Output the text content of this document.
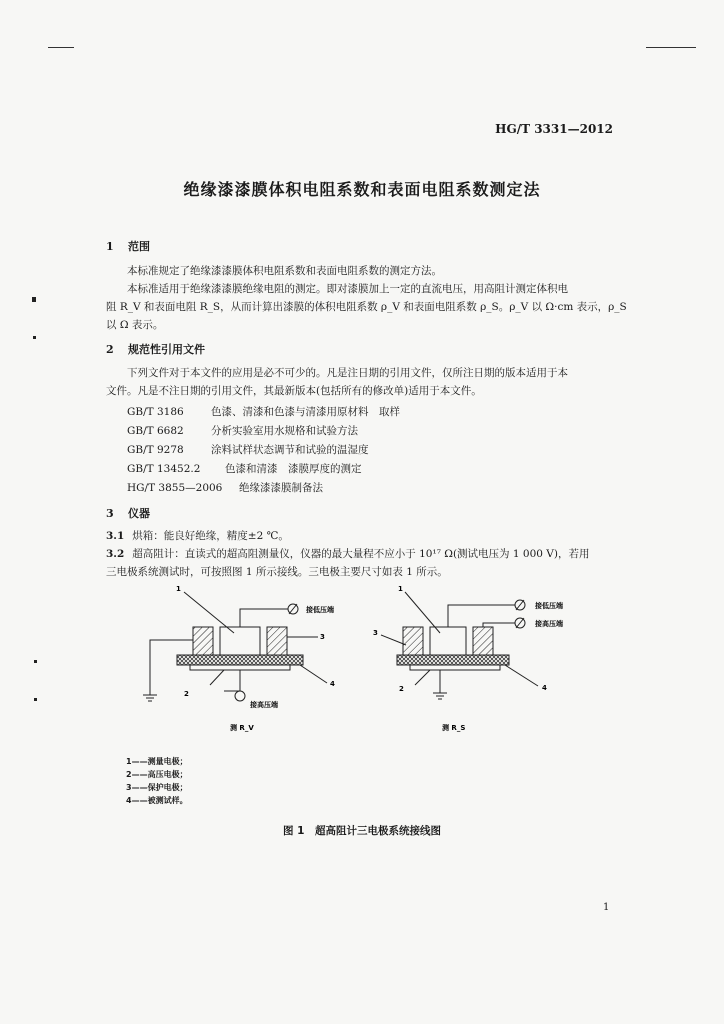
HG/T 3331—2012
绝缘漆漆膜体积电阻系数和表面电阻系数测定法
1 范围
本标准规定了绝缘漆漆膜体积电阻系数和表面电阻系数的测定方法。
本标准适用于绝缘漆漆膜绝缘电阻的测定。即对漆膜加上一定的直流电压，用高阻计测定体积电
阻 R_V 和表面电阻 R_S，从而计算出漆膜的体积电阻系数 ρ_V 和表面电阻系数 ρ_S。ρ_V 以 Ω·cm 表示，ρ_S
以 Ω 表示。
2 规范性引用文件
下列文件对于本文件的应用是必不可少的。凡是注日期的引用文件，仅所注日期的版本适用于本
文件。凡是不注日期的引用文件，其最新版本(包括所有的修改单)适用于本文件。
GB/T 3186	色漆、清漆和色漆与清漆用原材料　取样
GB/T 6682	分析实验室用水规格和试验方法
GB/T 9278	涂料试样状态调节和试验的温湿度
GB/T 13452.2 色漆和清漆　漆膜厚度的测定
HG/T 3855—2006 绝缘漆漆膜制备法
3 仪器
3.1 烘箱：能良好绝缘，精度±2 ℃。
3.2 超高阻计：直读式的超高阻测量仪，仪器的最大量程不应小于 10¹⁷ Ω(测试电压为 1 000 V)，若用
三电极系统测试时，可按照图 1 所示接线。三电极主要尺寸如表 1 所示。
1
2
3
4
接低压端
接高压端
测 R_V
1
3
2	4
接低压端
接高压端
测 R_S
1——测量电极；
2——高压电极；
3——保护电极；
4——被测试样。
图 1　超高阻计三电极系统接线图
1
